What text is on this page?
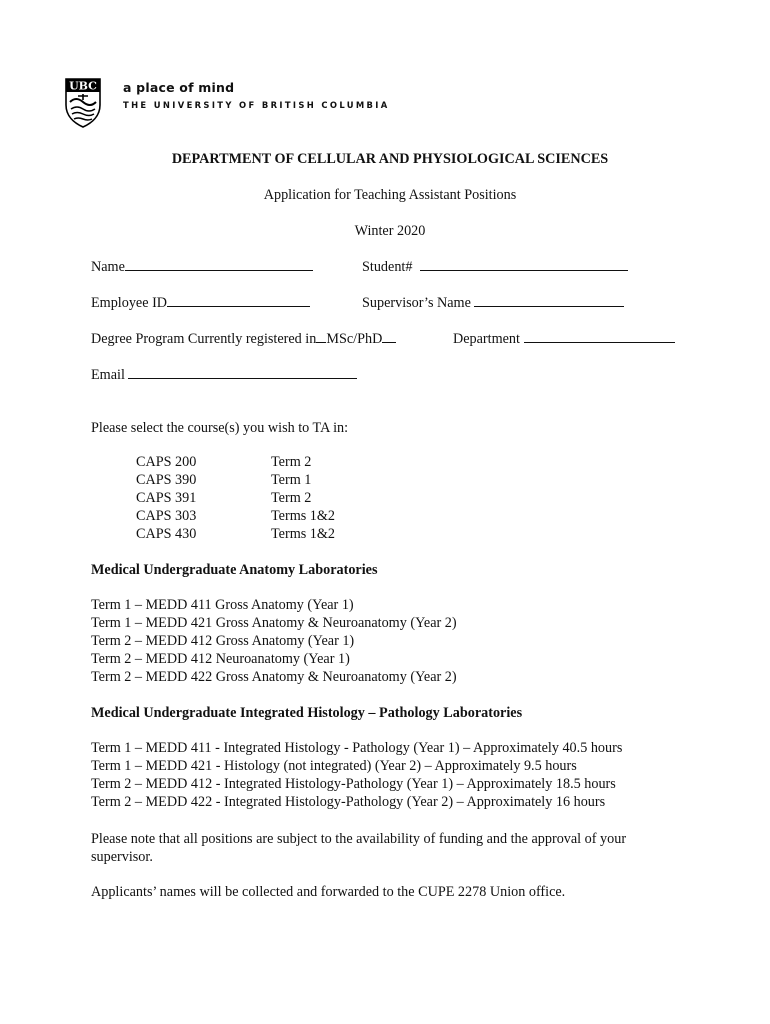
UBC a place of mind
THE UNIVERSITY OF BRITISH COLUMBIA
DEPARTMENT OF CELLULAR AND PHYSIOLOGICAL SCIENCES
Application for Teaching Assistant Positions
Winter 2020
Name	Student#
Employee ID	Supervisor’s Name
Degree Program Currently registered in MSc/PhD	Department
Email
Please select the course(s) you wish to TA in:
CAPS 200	Term 2
CAPS 390	Term 1
CAPS 391	Term 2
CAPS 303	Terms 1&2
CAPS 430	Terms 1&2
Medical Undergraduate Anatomy Laboratories
Term 1 – MEDD 411 Gross Anatomy (Year 1)
Term 1 – MEDD 421 Gross Anatomy & Neuroanatomy (Year 2)
Term 2 – MEDD 412 Gross Anatomy (Year 1)
Term 2 – MEDD 412 Neuroanatomy (Year 1)
Term 2 – MEDD 422 Gross Anatomy & Neuroanatomy (Year 2)
Medical Undergraduate Integrated Histology – Pathology Laboratories
Term 1 – MEDD 411 - Integrated Histology - Pathology (Year 1) – Approximately 40.5 hours
Term 1 – MEDD 421 - Histology (not integrated) (Year 2) – Approximately 9.5 hours
Term 2 – MEDD 412 - Integrated Histology-Pathology (Year 1) – Approximately 18.5 hours
Term 2 – MEDD 422 - Integrated Histology-Pathology (Year 2) – Approximately 16 hours
Please note that all positions are subject to the availability of funding and the approval of your supervisor.
Applicants’ names will be collected and forwarded to the CUPE 2278 Union office.
